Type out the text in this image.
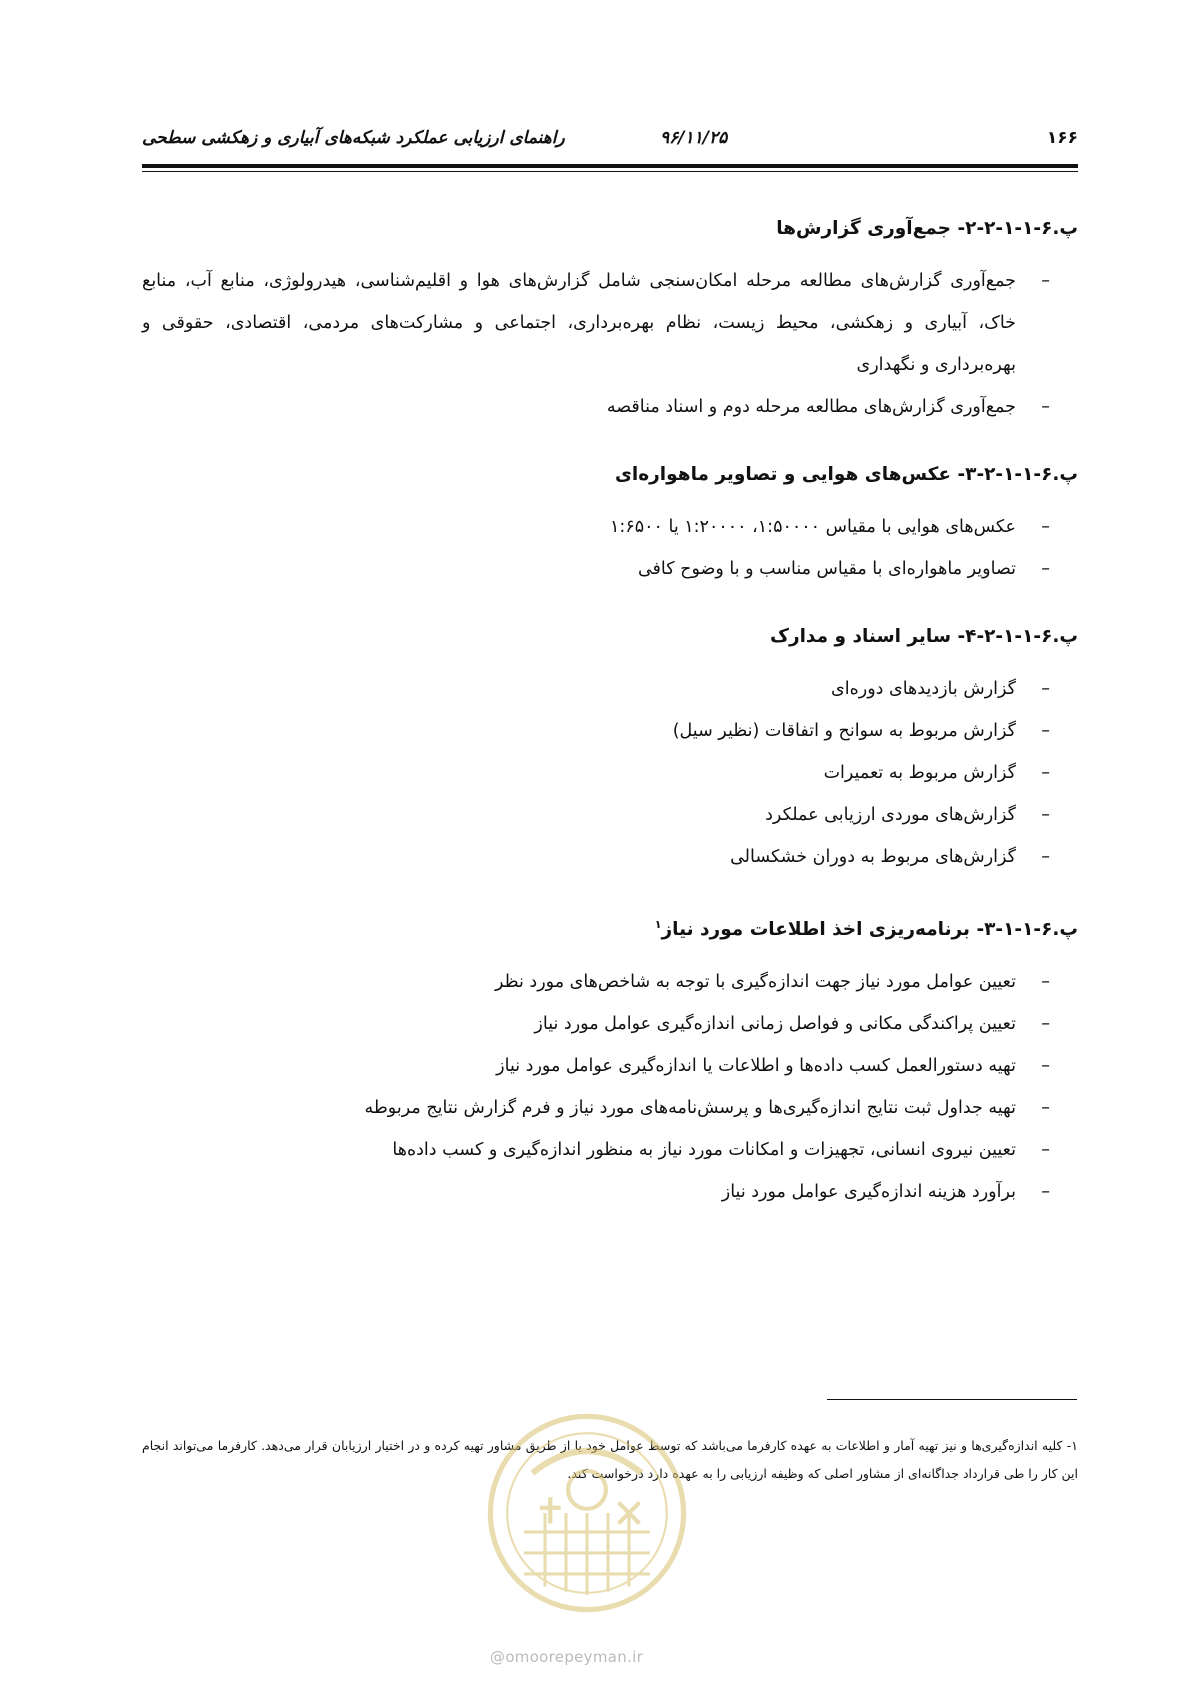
راهنمای ارزیابی عملکرد شبکه‌های آبیاری و زهکشی سطحی	۹۶/۱۱/۲۵	۱۶۶

پ.۶-۱-۱-۲-۲- جمع‌آوری گزارش‌ها

–
جمع‌آوری گزارش‌های مطالعه مرحله امکان‌سنجی شامل گزارش‌های هوا و اقلیم‌شناسی، هیدرولوژی، منابع آب، منابع خاک، آبیاری و زهکشی، محیط زیست، نظام بهره‌برداری، اجتماعی و مشارکت‌های مردمی، اقتصادی، حقوقی و بهره‌برداری و نگهداری
–
جمع‌آوری گزارش‌های مطالعه مرحله دوم و اسناد مناقصه

پ.۶-۱-۱-۲-۳- عکس‌های هوایی و تصاویر ماهواره‌ای

–
عکس‌های هوایی با مقیاس ۱:۵۰۰۰۰، ۱:۲۰۰۰۰ یا ۱:۶۵۰۰
–
تصاویر ماهواره‌ای با مقیاس مناسب و با وضوح کافی

پ.۶-۱-۱-۲-۴- سایر اسناد و مدارک

–
گزارش بازدیدهای دوره‌ای
–
گزارش مربوط به سوانح و اتفاقات (نظیر سیل)
–
گزارش مربوط به تعمیرات
–
گزارش‌های موردی ارزیابی عملکرد
–
گزارش‌های مربوط به دوران خشکسالی

پ.۶-۱-۱-۳- برنامه‌ریزی اخذ اطلاعات مورد نیاز$^۱$

–
تعیین عوامل مورد نیاز جهت اندازه‌گیری با توجه به شاخص‌های مورد نظر
–
تعیین پراکندگی مکانی و فواصل زمانی اندازه‌گیری عوامل مورد نیاز
–
تهیه دستورالعمل کسب داده‌ها و اطلاعات یا اندازه‌گیری عوامل مورد نیاز
–
تهیه جداول ثبت نتایج اندازه‌گیری‌ها و پرسش‌نامه‌های مورد نیاز و فرم گزارش نتایج مربوطه
–
تعیین نیروی انسانی، تجهیزات و امکانات مورد نیاز به منظور اندازه‌گیری و کسب داده‌ها
–
برآورد هزینه اندازه‌گیری عوامل مورد نیاز
۱- کلیه اندازه‌گیری‌ها و نیز تهیه آمار و اطلاعات به عهده کارفرما می‌باشد که توسط عوامل خود یا از طریق مشاور تهیه کرده و در اختیار ارزیابان قرار می‌دهد. کارفرما می‌تواند انجام این کار را طی قرارداد جداگانه‌ای از مشاور اصلی که وظیفه ارزیابی را به عهده دارد درخواست کند.
@omoorepeyman.ir
